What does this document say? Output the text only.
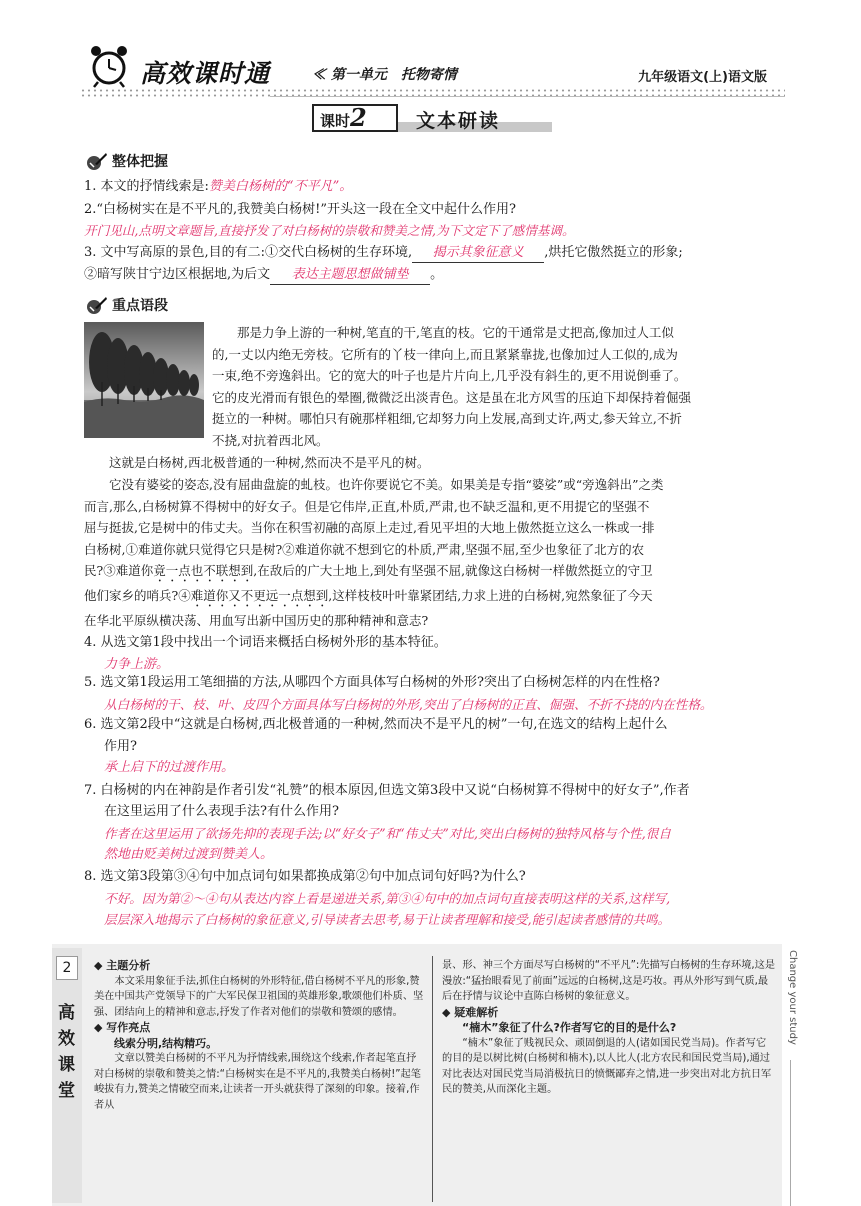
高效课时通	≪ 第一单元　托物寄情	九年级语文(上)语文版
课时2	文本研读
整体把握
1. 本文的抒情线索是:赞美白杨树的“不平凡”。
2.“白杨树实在是不平凡的,我赞美白杨树!”开头这一段在全文中起什么作用?
开门见山,点明文章题旨,直接抒发了对白杨树的崇敬和赞美之情,为下文定下了感情基调。
3. 文中写高原的景色,目的有二:①交代白杨树的生存环境, 揭示其象征意义 ,烘托它傲然挺立的形象;
②暗写陕甘宁边区根据地,为后文 表达主题思想做铺垫 。
重点语段
那是力争上游的一种树,笔直的干,笔直的枝。它的干通常是丈把高,像加过人工似
的,一丈以内绝无旁枝。它所有的丫枝一律向上,而且紧紧靠拢,也像加过人工似的,成为
一束,绝不旁逸斜出。它的宽大的叶子也是片片向上,几乎没有斜生的,更不用说倒垂了。
它的皮光滑而有银色的晕圈,微微泛出淡青色。这是虽在北方风雪的压迫下却保持着倔强
挺立的一种树。哪怕只有碗那样粗细,它却努力向上发展,高到丈许,两丈,参天耸立,不折
不挠,对抗着西北风。
这就是白杨树,西北极普通的一种树,然而决不是平凡的树。
它没有婆娑的姿态,没有屈曲盘旋的虬枝。也许你要说它不美。如果美是专指“婆娑”或“旁逸斜出”之类
而言,那么,白杨树算不得树中的好女子。但是它伟岸,正直,朴质,严肃,也不缺乏温和,更不用提它的坚强不
屈与挺拔,它是树中的伟丈夫。当你在积雪初融的高原上走过,看见平坦的大地上傲然挺立这么一株或一排
白杨树,①难道你就只觉得它只是树?②难道你就不想到它的朴质,严肃,坚强不屈,至少也象征了北方的农
民?③难道你竟一点也不联想到,在敌后的广大土地上,到处有坚强不屈,就像这白杨树一样傲然挺立的守卫
他们家乡的哨兵?④难道你又不更远一点想到,这样枝枝叶叶靠紧团结,力求上进的白杨树,宛然象征了今天
在华北平原纵横决荡、用血写出新中国历史的那种精神和意志?
4. 从选文第1段中找出一个词语来概括白杨树外形的基本特征。
力争上游。
5. 选文第1段运用工笔细描的方法,从哪四个方面具体写白杨树的外形?突出了白杨树怎样的内在性格?
从白杨树的干、枝、叶、皮四个方面具体写白杨树的外形,突出了白杨树的正直、倔强、不折不挠的内在性格。
6. 选文第2段中“这就是白杨树,西北极普通的一种树,然而决不是平凡的树”一句,在选文的结构上起什么
作用?
承上启下的过渡作用。
7. 白杨树的内在神韵是作者引发“礼赞”的根本原因,但选文第3段中又说“白杨树算不得树中的好女子”,作者
在这里运用了什么表现手法?有什么作用?
作者在这里运用了欲扬先抑的表现手法;以“好女子”和“伟丈夫”对比,突出白杨树的独特风格与个性,很自
然地由贬美树过渡到赞美人。
8. 选文第3段第③④句中加点词句如果都换成第②句中加点词句好吗?为什么?
不好。因为第②～④句从表达内容上看是递进关系,第③④句中的加点词句直接表明这样的关系,这样写,
层层深入地揭示了白杨树的象征意义,引导读者去思考,易于让读者理解和接受,能引起读者感情的共鸣。
2
高效课堂
◆ 主题分析

本文采用象征手法,抓住白杨树的外形特征,借白杨树不平凡的形象,赞美在中国共产党领导下的广大军民保卫祖国的英雄形象,歌颂他们朴质、坚强、团结向上的精神和意志,抒发了作者对他们的崇敬和赞颂的感情。

◆ 写作亮点
线索分明,结构精巧。

文章以赞美白杨树的不平凡为抒情线索,围绕这个线索,作者起笔直抒对白杨树的崇敬和赞美之情:“白杨树实在是不平凡的,我赞美白杨树!”起笔峻拔有力,赞美之情破空而来,让读者一开头就获得了深刻的印象。接着,作者从

景、形、神三个方面尽写白杨树的“不平凡”:先描写白杨树的生存环境,这是漫放:“猛抬眼看见了前面”远远的白杨树,这是巧妆。再从外形写到气质,最后在抒情与议论中直陈白杨树的象征意义。
◆ 疑难解析
“楠木”象征了什么?作者写它的目的是什么?

“楠木”象征了贱视民众、顽固倒退的人(诸如国民党当局)。作者写它的目的是以树比树(白杨树和楠木),以人比人(北方农民和国民党当局),通过对比表达对国民党当局消极抗日的愤慨鄙弃之情,进一步突出对北方抗日军民的赞美,从而深化主题。

Change your study
